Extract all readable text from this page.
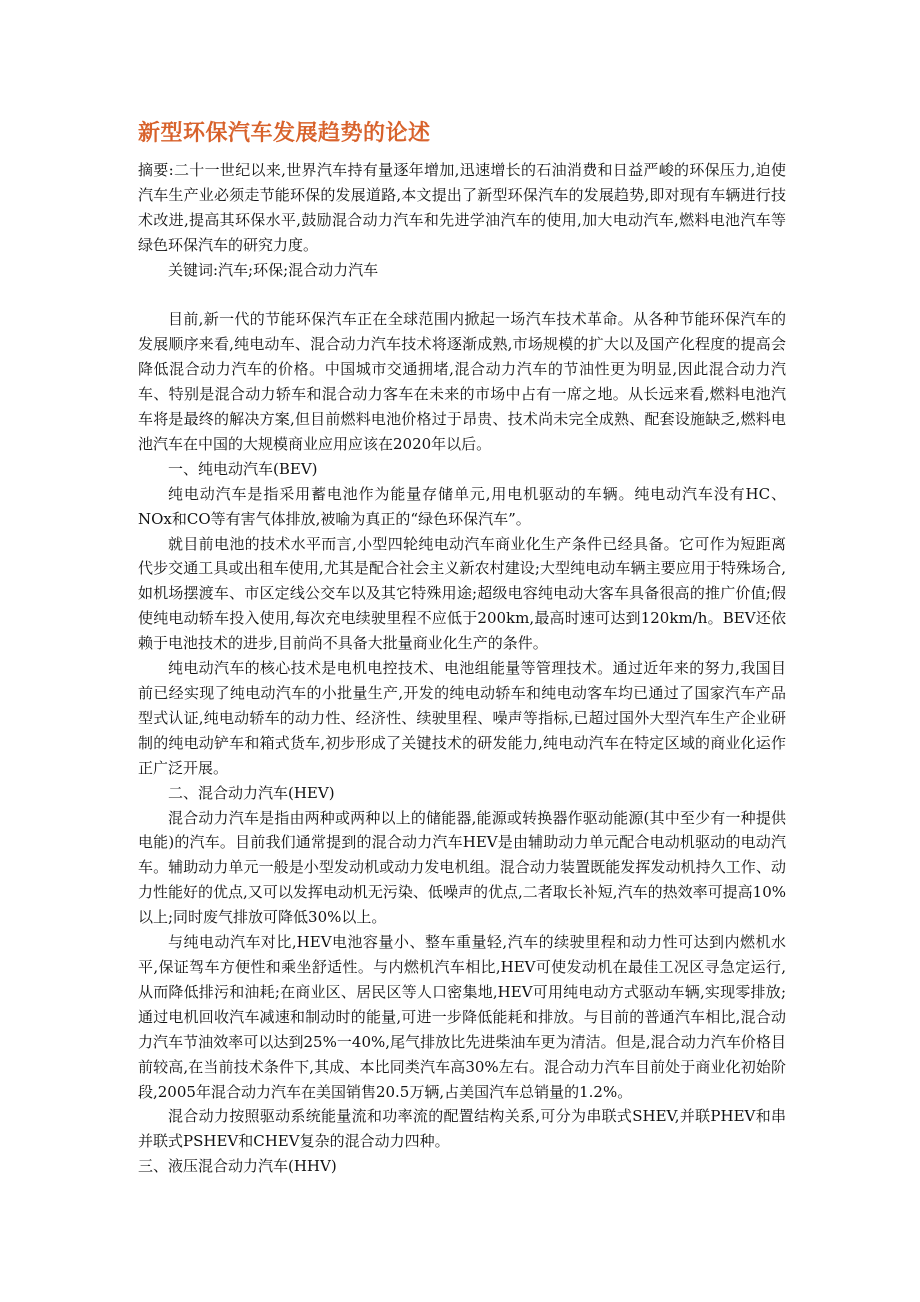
新型环保汽车发展趋势的论述

摘要:二十一世纪以来,世界汽车持有量逐年增加,迅速增长的石油消费和日益严峻的环保压力,迫使汽车生产业必须走节能环保的发展道路,本文提出了新型环保汽车的发展趋势,即对现有车辆进行技术改进,提高其环保水平,鼓励混合动力汽车和先进学油汽车的使用,加大电动汽车,燃料电池汽车等绿色环保汽车的研究力度。

关键词:汽车;环保;混合动力汽车

目前,新一代的节能环保汽车正在全球范围内掀起一场汽车技术革命。从各种节能环保汽车的发展顺序来看,纯电动车、混合动力汽车技术将逐渐成熟,市场规模的扩大以及国产化程度的提高会降低混合动力汽车的价格。中国城市交通拥堵,混合动力汽车的节油性更为明显,因此混合动力汽车、特别是混合动力轿车和混合动力客车在未来的市场中占有一席之地。从长远来看,燃料电池汽车将是最终的解决方案,但目前燃料电池价格过于昂贵、技术尚未完全成熟、配套设施缺乏,燃料电池汽车在中国的大规模商业应用应该在2020年以后。

一、纯电动汽车(BEV)

纯电动汽车是指采用蓄电池作为能量存储单元,用电机驱动的车辆。纯电动汽车没有HC、NOx和CO等有害气体排放,被喻为真正的“绿色环保汽车”。

就目前电池的技术水平而言,小型四轮纯电动汽车商业化生产条件已经具备。它可作为短距离代步交通工具或出租车使用,尤其是配合社会主义新农村建设;大型纯电动车辆主要应用于特殊场合,如机场摆渡车、市区定线公交车以及其它特殊用途;超级电容纯电动大客车具备很高的推广价值;假使纯电动轿车投入使用,每次充电续驶里程不应低于200km,最高时速可达到120km/h。BEV还依赖于电池技术的进步,目前尚不具备大批量商业化生产的条件。

纯电动汽车的核心技术是电机电控技术、电池组能量等管理技术。通过近年来的努力,我国目前已经实现了纯电动汽车的小批量生产,开发的纯电动轿车和纯电动客车均已通过了国家汽车产品型式认证,纯电动轿车的动力性、经济性、续驶里程、噪声等指标,已超过国外大型汽车生产企业研制的纯电动铲车和箱式货车,初步形成了关键技术的研发能力,纯电动汽车在特定区域的商业化运作正广泛开展。

二、混合动力汽车(HEV)

混合动力汽车是指由两种或两种以上的储能器,能源或转换器作驱动能源(其中至少有一种提供电能)的汽车。目前我们通常提到的混合动力汽车HEV是由辅助动力单元配合电动机驱动的电动汽车。辅助动力单元一般是小型发动机或动力发电机组。混合动力装置既能发挥发动机持久工作、动力性能好的优点,又可以发挥电动机无污染、低噪声的优点,二者取长补短,汽车的热效率可提高10%以上;同时废气排放可降低30%以上。

与纯电动汽车对比,HEV电池容量小、整车重量轻,汽车的续驶里程和动力性可达到内燃机水平,保证驾车方便性和乘坐舒适性。与内燃机汽车相比,HEV可使发动机在最佳工况区寻急定运行,从而降低排污和油耗;在商业区、居民区等人口密集地,HEV可用纯电动方式驱动车辆,实现零排放;通过电机回收汽车减速和制动时的能量,可进一步降低能耗和排放。与目前的普通汽车相比,混合动力汽车节油效率可以达到25%一40%,尾气排放比先进柴油车更为清洁。但是,混合动力汽车价格目前较高,在当前技术条件下,其成、本比同类汽车高30%左右。混合动力汽车目前处于商业化初始阶段,2005年混合动力汽车在美国销售20.5万辆,占美国汽车总销量的1.2%。

混合动力按照驱动系统能量流和功率流的配置结构关系,可分为串联式SHEV,并联PHEV和串并联式PSHEV和CHEV复杂的混合动力四种。

三、液压混合动力汽车(HHV)
